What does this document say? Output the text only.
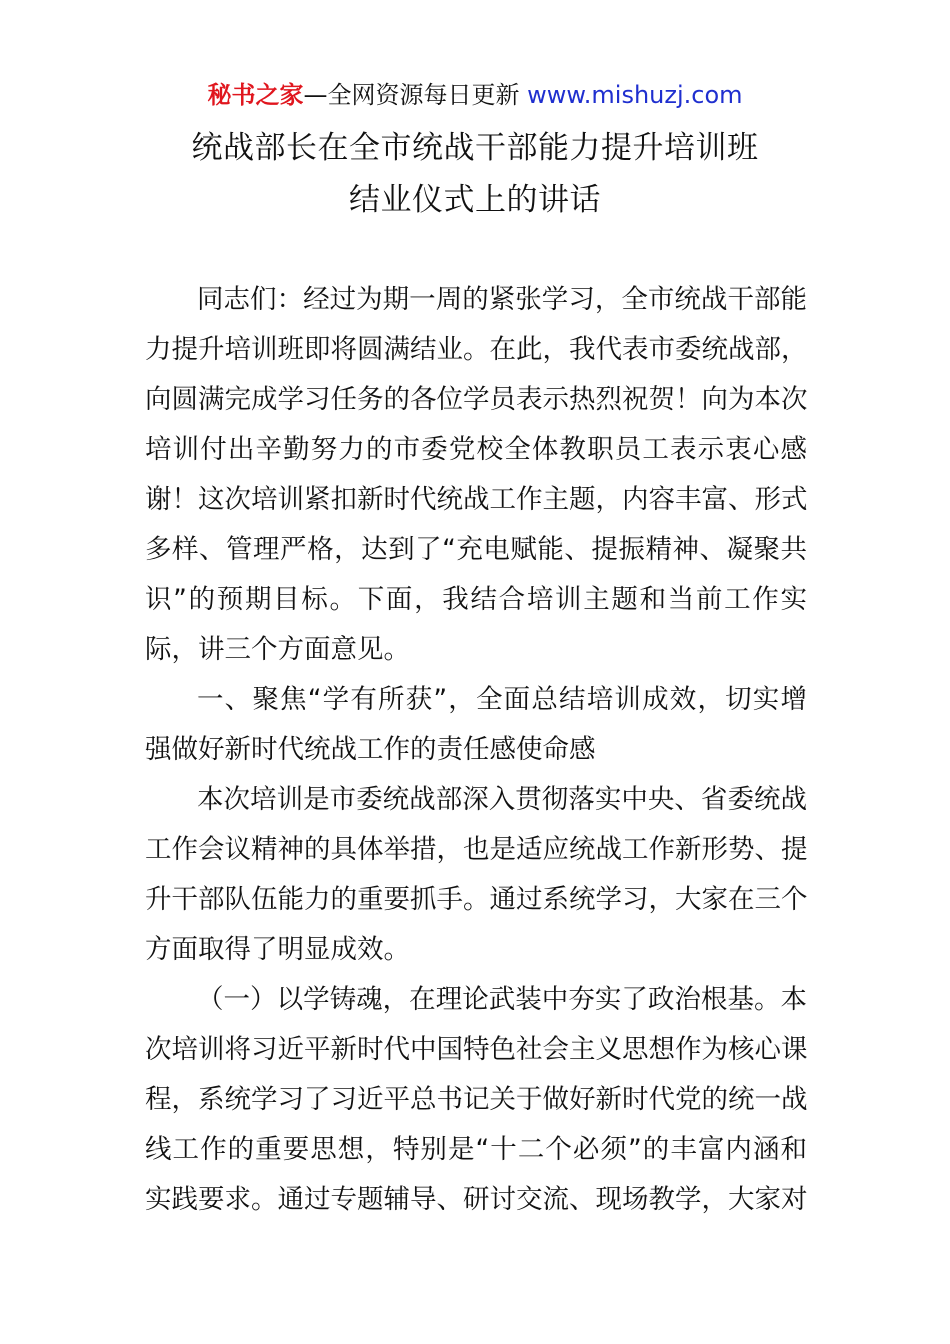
秘书之家—全网资源每日更新 www.mishuzj.com
统战部长在全市统战干部能力提升培训班
结业仪式上的讲话
同志们：经过为期一周的紧张学习，全市统战干部能
力提升培训班即将圆满结业。在此，我代表市委统战部，
向圆满完成学习任务的各位学员表示热烈祝贺！向为本次
培训付出辛勤努力的市委党校全体教职员工表示衷心感
谢！这次培训紧扣新时代统战工作主题，内容丰富、形式
多样、管理严格，达到了“充电赋能、提振精神、凝聚共
识”的预期目标。下面，我结合培训主题和当前工作实
际，讲三个方面意见。
一、聚焦“学有所获”，全面总结培训成效，切实增
强做好新时代统战工作的责任感使命感
本次培训是市委统战部深入贯彻落实中央、省委统战
工作会议精神的具体举措，也是适应统战工作新形势、提
升干部队伍能力的重要抓手。通过系统学习，大家在三个
方面取得了明显成效。
（一）以学铸魂，在理论武装中夯实了政治根基。本
次培训将习近平新时代中国特色社会主义思想作为核心课
程，系统学习了习近平总书记关于做好新时代党的统一战
线工作的重要思想，特别是“十二个必须”的丰富内涵和
实践要求。通过专题辅导、研讨交流、现场教学，大家对
